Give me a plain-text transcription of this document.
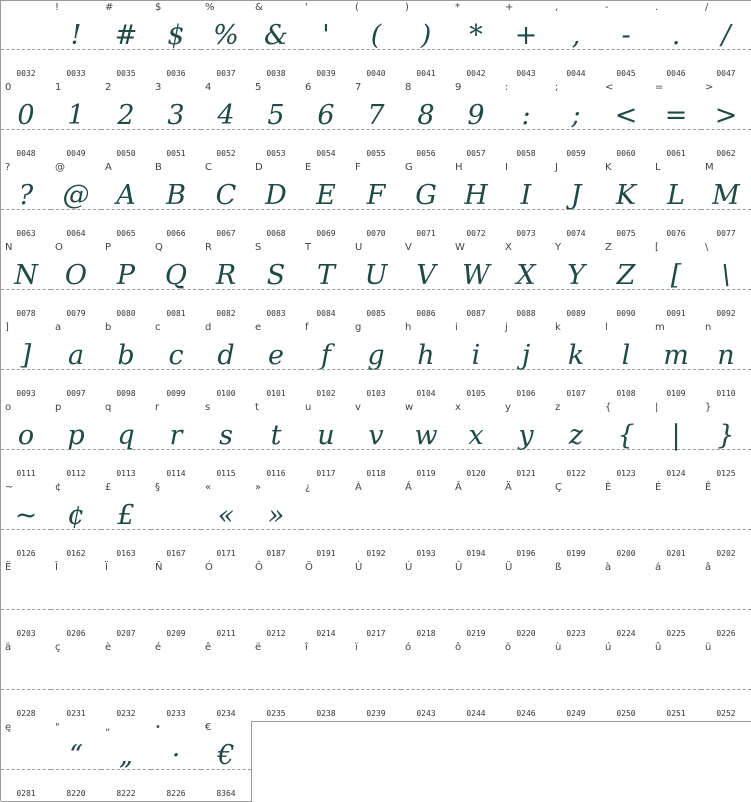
0032
!
!
0033
#
#
0035
$
$
0036
%
%
0037
&
&
0038
'
'
0039
(
(
0040
)
)
0041
*
*
0042
+
+
0043
,
,
0044
-
-
0045
.
.
0046
/
/
0047
0
0
0048
1
1
0049
2
2
0050
3
3
0051
4
4
0052
5
5
0053
6
6
0054
7
7
0055
8
8
0056
9
9
0057
:
:
0058
;
;
0059
<
<
0060
=
=
0061
>
>
0062
?
?
0063
@
@
0064
A
A
0065
B
B
0066
C
C
0067
D
D
0068
E
E
0069
F
F
0070
G
G
0071
H
H
0072
I
I
0073
J
J
0074
K
K
0075
L
L
0076
M
M
0077
N
N
0078
O
O
0079
P
P
0080
Q
Q
0081
R
R
0082
S
S
0083
T
T
0084
U
U
0085
V
V
0086
W
W
0087
X
X
0088
Y
Y
0089
Z
Z
0090
[
[
0091
\
\
0092
]
]
0093
a
a
0097
b
b
0098
c
c
0099
d
d
0100
e
e
0101
f
f
0102
g
g
0103
h
h
0104
i
i
0105
j
j
0106
k
k
0107
l
l
0108
m
m
0109
n
n
0110
o
o
0111
p
p
0112
q
q
0113
r
r
0114
s
s
0115
t
t
0116
u
u
0117
v
v
0118
w
w
0119
x
x
0120
y
y
0121
z
z
0122
{
{
0123
|
|
0124
}
}
0125
~
~
0126
¢
¢
0162
£
£
0163
§
0167
«
«
0171
»
»
0187
¿
0191
À
0192
Á
0193
Â
0194
Ä
0196
Ç
0199
È
0200
É
0201
Ê
0202
Ë
0203
Î
0206
Ï
0207
Ñ
0209
Ó
0211
Ô
0212
Ö
0214
Ù
0217
Ú
0218
Û
0219
Ü
0220
ß
0223
à
0224
á
0225
â
0226
ä
0228
ç
0231
è
0232
é
0233
ê
0234
ë
0235
î
0238
ï
0239
ó
0243
ô
0244
ö
0246
ù
0249
ú
0250
û
0251
ü
0252
ę
0281
"
“
8220
„
„
8222
•
·
8226
€
€
8364
